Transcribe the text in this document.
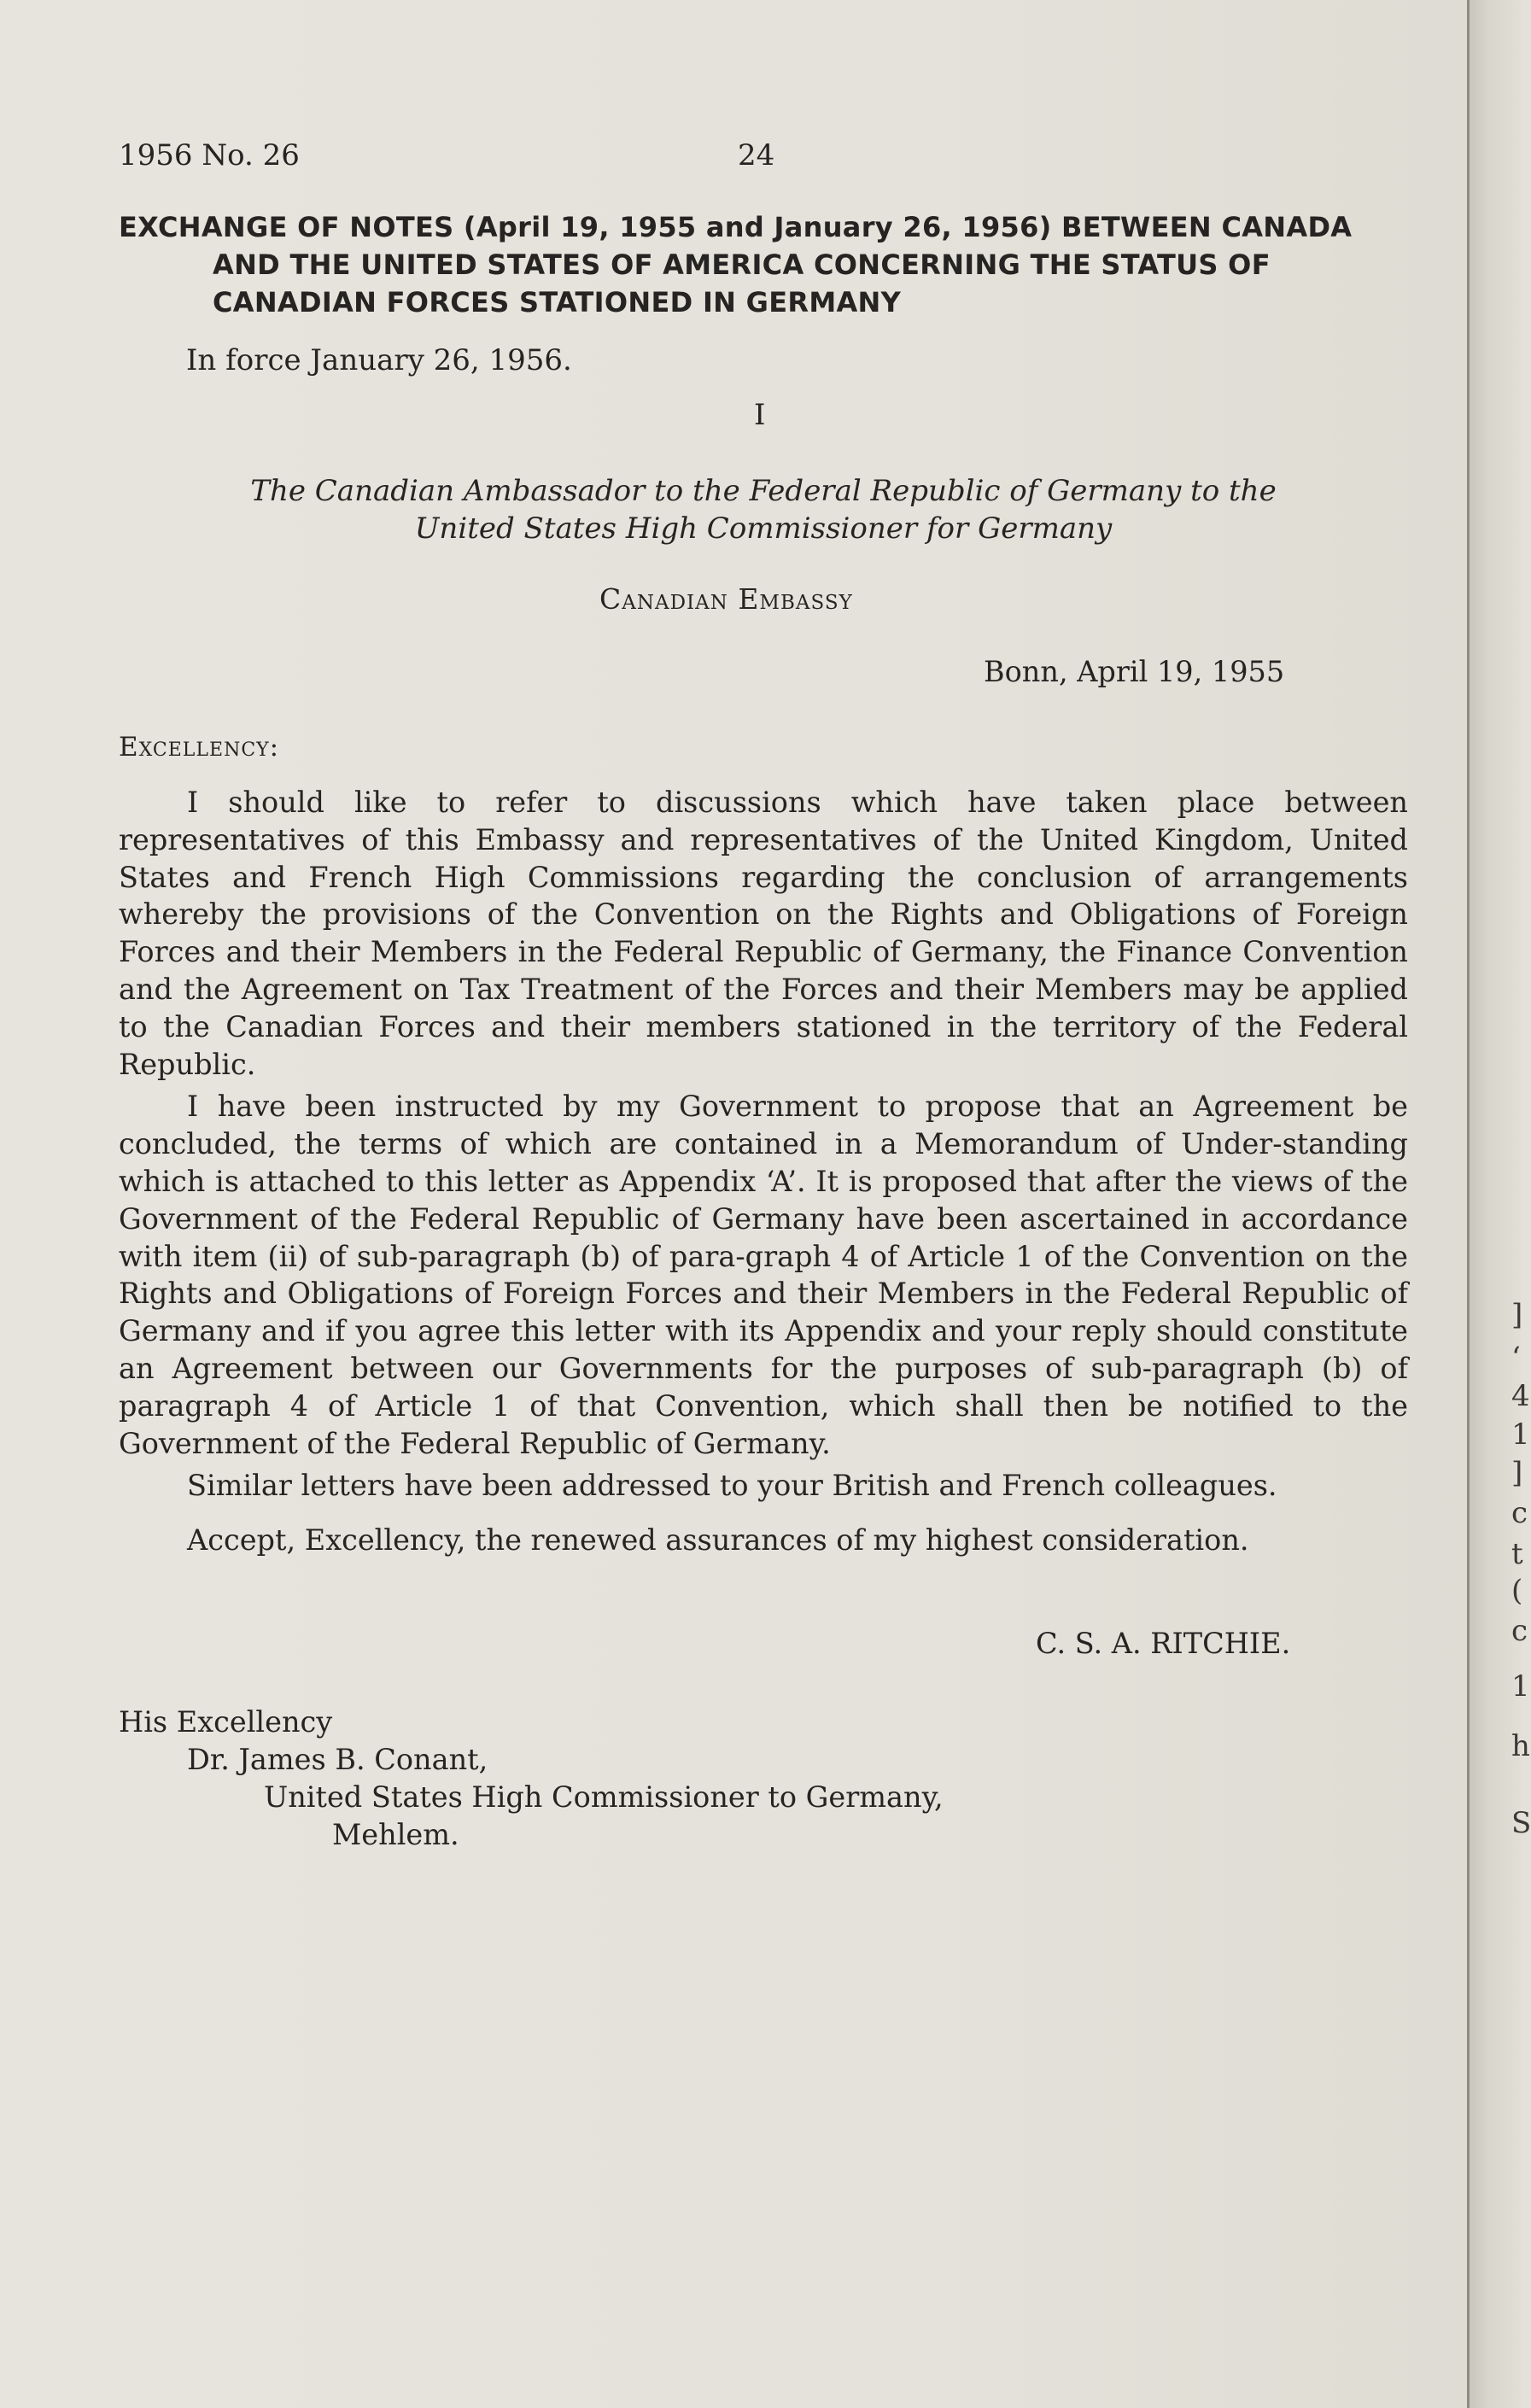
]
‘
4
1
]
c
t
(
c
1
h
S
1956 No. 26	24
EXCHANGE OF NOTES (April 19, 1955 and January 26, 1956) BETWEEN CANADA
AND THE UNITED STATES OF AMERICA CONCERNING THE STATUS OF
CANADIAN FORCES STATIONED IN GERMANY
In force January 26, 1956.
I
The Canadian Ambassador to the Federal Republic of Germany to the
United States High Commissioner for Germany
Canadian Embassy
Bonn, April 19, 1955
Excellency:

I should like to refer to discussions which have taken place between representatives of this Embassy and representatives of the United Kingdom, United States and French High Commissions regarding the conclusion of arrangements whereby the provisions of the Convention on the Rights and Obligations of Foreign Forces and their Members in the Federal Republic of Germany, the Finance Convention and the Agreement on Tax Treatment of the Forces and their Members may be applied to the Canadian Forces and their members stationed in the territory of the Federal Republic.

I have been instructed by my Government to propose that an Agreement be concluded, the terms of which are contained in a Memorandum of Under-standing which is attached to this letter as Appendix ‘A’. It is proposed that after the views of the Government of the Federal Republic of Germany have been ascertained in accordance with item (ii) of sub-paragraph (b) of para-graph 4 of Article 1 of the Convention on the Rights and Obligations of Foreign Forces and their Members in the Federal Republic of Germany and if you agree this letter with its Appendix and your reply should constitute an Agreement between our Governments for the purposes of sub-paragraph (b) of paragraph 4 of Article 1 of that Convention, which shall then be notified to the Government of the Federal Republic of Germany.

Similar letters have been addressed to your British and French colleagues.

Accept, Excellency, the renewed assurances of my highest consideration.

C. S. A. RITCHIE.
His Excellency
Dr. James B. Conant,
United States High Commissioner to Germany,
Mehlem.
